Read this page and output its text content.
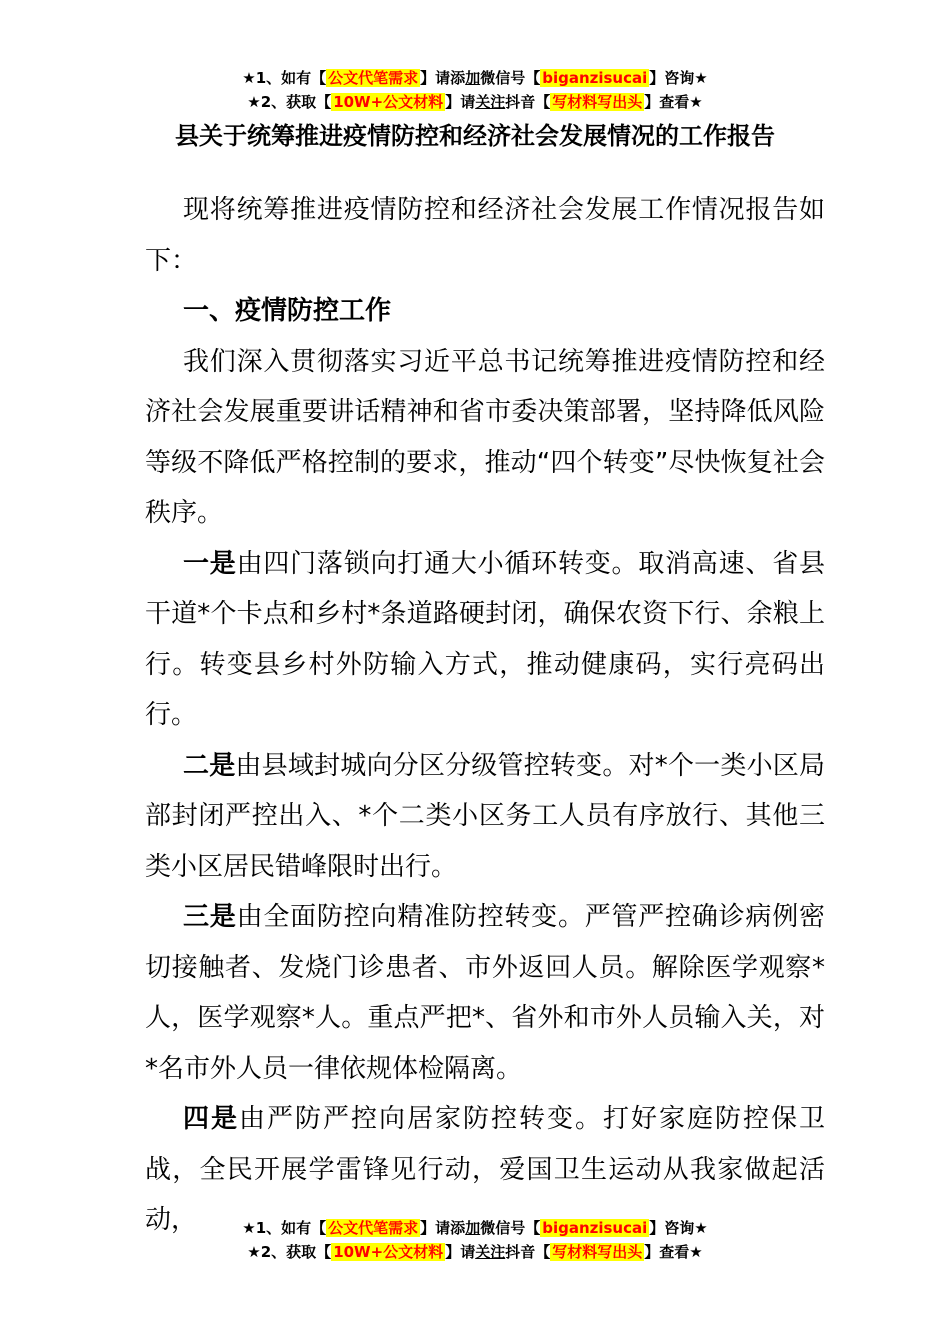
★1、如有【 公文代笔需求 】请添加微信号【 biganzisucai 】咨询★
★2、获取【 10W+公文材料 】请关注抖音【 写材料写出头 】查看★
县关于统筹推进疫情防控和经济社会发展情况的工作报告

现将统筹推进疫情防控和经济社会发展工作情况报告如下：

一、疫情防控工作

我们深入贯彻落实习近平总书记统筹推进疫情防控和经济社会发展重要讲话精神和省市委决策部署，坚持降低风险等级不降低严格控制的要求，推动“四个转变”尽快恢复社会秩序。

一是由四门落锁向打通大小循环转变。取消高速、省县干道*个卡点和乡村*条道路硬封闭，确保农资下行、余粮上行。转变县乡村外防输入方式，推动健康码，实行亮码出行。

二是由县域封城向分区分级管控转变。对*个一类小区局部封闭严控出入、*个二类小区务工人员有序放行、其他三类小区居民错峰限时出行。

三是由全面防控向精准防控转变。严管严控确诊病例密切接触者、发烧门诊患者、市外返回人员。解除医学观察*人，医学观察*人。重点严把*、省外和市外人员输入关，对*名市外人员一律依规体检隔离。

四是由严防严控向居家防控转变。打好家庭防控保卫战，全民开展学雷锋见行动，爱国卫生运动从我家做起活动，	★1、如有【 公文代笔需求 】请添加微信号【 biganzisucai 】咨询★
★2、获取【 10W+公文材料 】请关注抖音【 写材料写出头 】查看★
